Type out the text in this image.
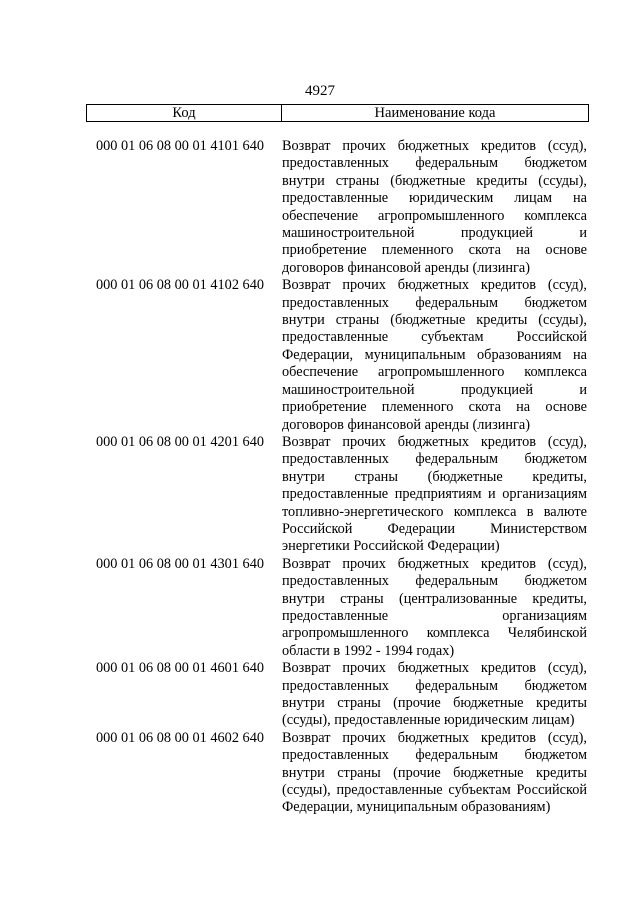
4927
Код	Наименование кода
000 01 06 08 00 01 4101 640	Возврат прочих бюджетных кредитов (ссуд), предоставленных федеральным бюджетом внутри страны (бюджетные кредиты (ссуды), предоставленные юридическим лицам на обеспечение агропромышленного комплекса машиностроительной продукцией и приобретение племенного скота на основе договоров финансовой аренды (лизинга)
000 01 06 08 00 01 4102 640	Возврат прочих бюджетных кредитов (ссуд), предоставленных федеральным бюджетом внутри страны (бюджетные кредиты (ссуды), предоставленные субъектам Российской Федерации, муниципальным образованиям на обеспечение агропромышленного комплекса машиностроительной продукцией и приобретение племенного скота на основе договоров финансовой аренды (лизинга)
000 01 06 08 00 01 4201 640	Возврат прочих бюджетных кредитов (ссуд), предоставленных федеральным бюджетом внутри страны (бюджетные кредиты, предоставленные предприятиям и организациям топливно-энергетического комплекса в валюте Российской Федерации Министерством энергетики Российской Федерации)
000 01 06 08 00 01 4301 640	Возврат прочих бюджетных кредитов (ссуд), предоставленных федеральным бюджетом внутри страны (централизованные кредиты, предоставленные организациям агропромышленного комплекса Челябинской области в 1992 - 1994 годах)
000 01 06 08 00 01 4601 640	Возврат прочих бюджетных кредитов (ссуд), предоставленных федеральным бюджетом внутри страны (прочие бюджетные кредиты (ссуды), предоставленные юридическим лицам)
000 01 06 08 00 01 4602 640	Возврат прочих бюджетных кредитов (ссуд), предоставленных федеральным бюджетом внутри страны (прочие бюджетные кредиты (ссуды), предоставленные субъектам Российской Федерации, муниципальным образованиям)
